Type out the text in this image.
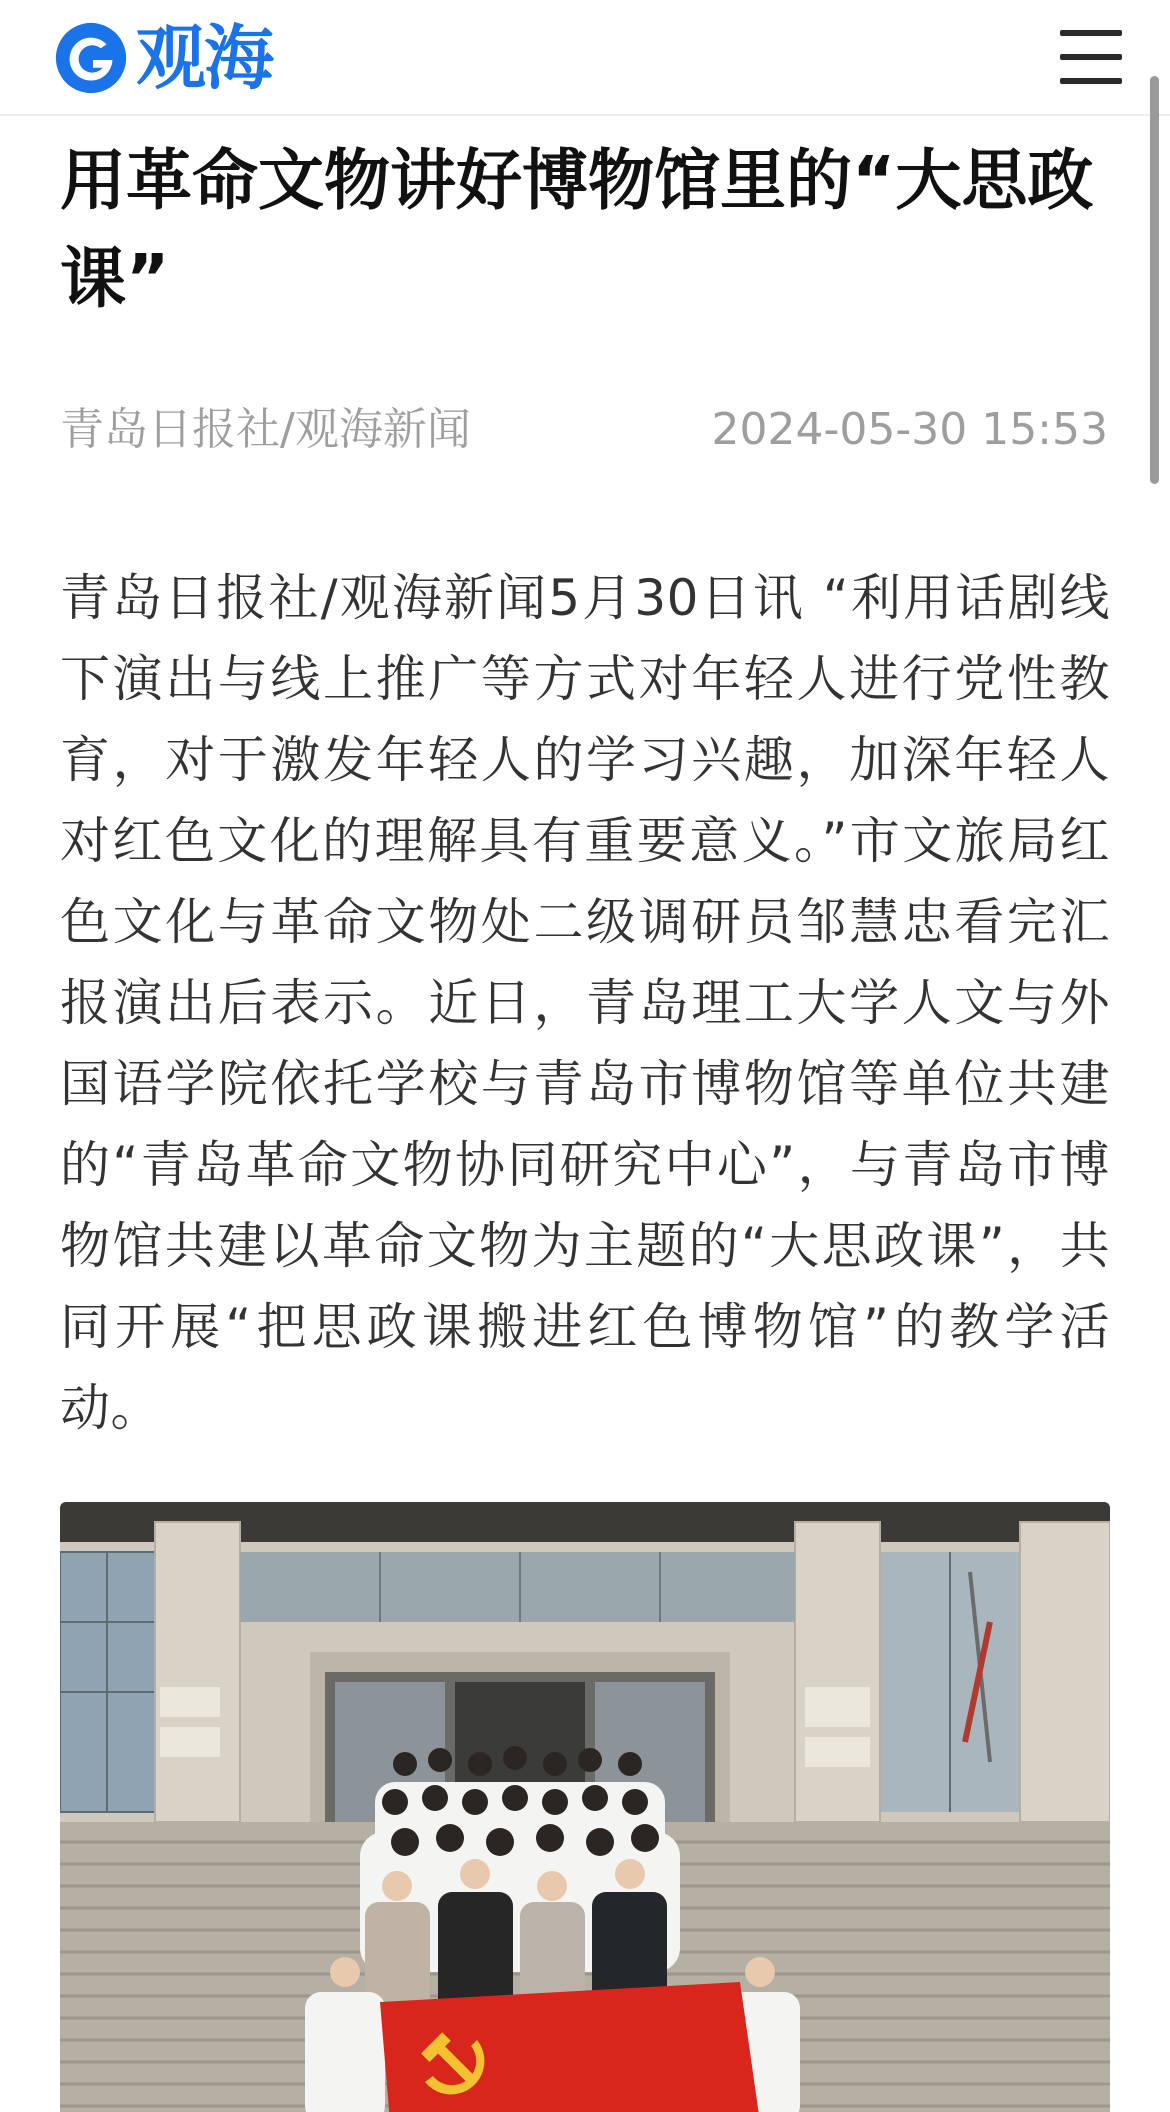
观海
用革命文物讲好博物馆里的“大思政课”
青岛日报社/观海新闻	2024-05-30 15:53

青岛日报社/观海新闻5月30日讯 “利用话剧线下演出与线上推广等方式对年轻人进行党性教育，对于激发年轻人的学习兴趣，加深年轻人对红色文化的理解具有重要意义。”市文旅局红色文化与革命文物处二级调研员邹慧忠看完汇报演出后表示。近日，青岛理工大学人文与外国语学院依托学校与青岛市博物馆等单位共建的“青岛革命文物协同研究中心”，与青岛市博物馆共建以革命文物为主题的“大思政课”，共同开展“把思政课搬进红色博物馆”的教学活动。
